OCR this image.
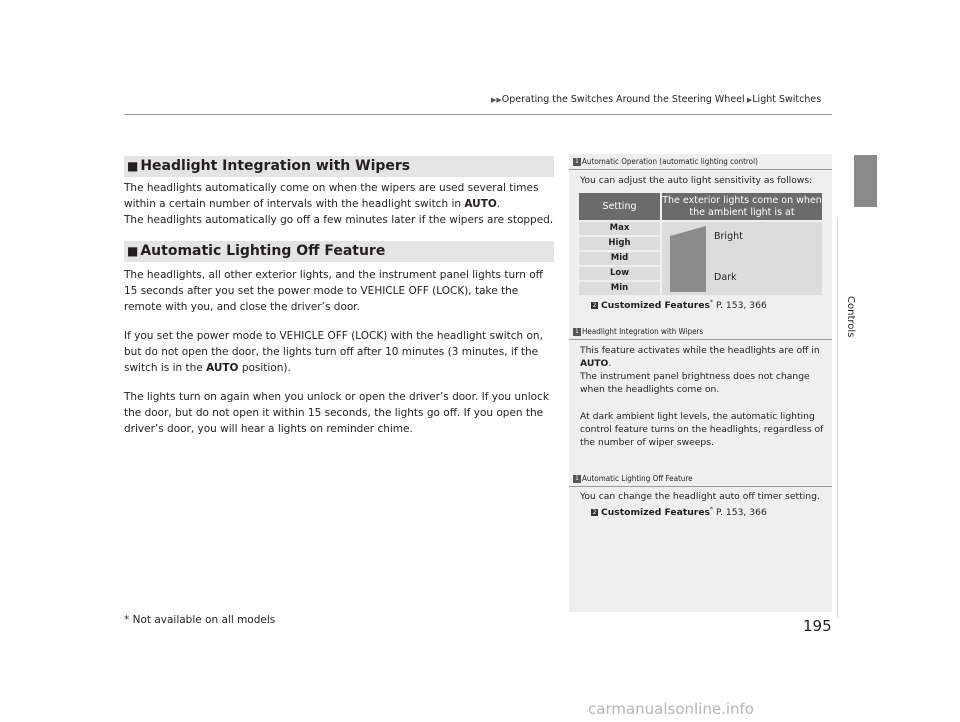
▶▶Operating the Switches Around the Steering Wheel ▶Light Switches
Controls
■ Headlight Integration with Wipers
The headlights automatically come on when the wipers are used several times within a certain number of intervals with the headlight switch in AUTO.
The headlights automatically go off a few minutes later if the wipers are stopped.
■ Automatic Lighting Off Feature
The headlights, all other exterior lights, and the instrument panel lights turn off 15 seconds after you set the power mode to VEHICLE OFF (LOCK), take the remote with you, and close the driver’s door.
If you set the power mode to VEHICLE OFF (LOCK) with the headlight switch on, but do not open the door, the lights turn off after 10 minutes (3 minutes, if the switch is in the AUTO position).
The lights turn on again when you unlock or open the driver’s door. If you unlock the door, but do not open it within 15 seconds, the lights go off. If you open the driver’s door, you will hear a lights on reminder chime.
1 Automatic Operation (automatic lighting control)
You can adjust the auto light sensitivity as follows:
Setting
The exterior lights come on when the ambient light is at
Max
High
Mid
Low
Min
Bright
Dark
2 Customized Features* P. 153, 366
1 Headlight Integration with Wipers
This feature activates while the headlights are off in AUTO.
The instrument panel brightness does not change when the headlights come on.
At dark ambient light levels, the automatic lighting control feature turns on the headlights, regardless of the number of wiper sweeps.
1 Automatic Lighting Off Feature
You can change the headlight auto off timer setting.
2 Customized Features* P. 153, 366
* Not available on all models	195
carmanualsonline.info
